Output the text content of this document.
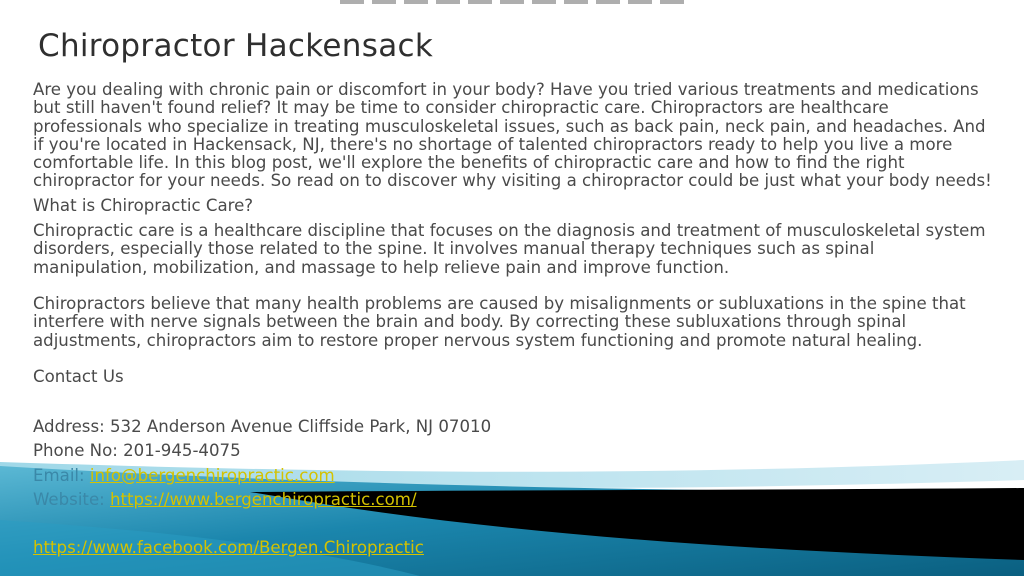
Chiropractor Hackensack

Are you dealing with chronic pain or discomfort in your body? Have you tried various treatments and medications but still haven't found relief? It may be time to consider chiropractic care. Chiropractors are healthcare professionals who specialize in treating musculoskeletal issues, such as back pain, neck pain, and headaches. And if you're located in Hackensack, NJ, there's no shortage of talented chiropractors ready to help you live a more comfortable life. In this blog post, we'll explore the benefits of chiropractic care and how to find the right chiropractor for your needs. So read on to discover why visiting a chiropractor could be just what your body needs!

What is Chiropractic Care?

Chiropractic care is a healthcare discipline that focuses on the diagnosis and treatment of musculoskeletal system disorders, especially those related to the spine. It involves manual therapy techniques such as spinal manipulation, mobilization, and massage to help relieve pain and improve function.

Chiropractors believe that many health problems are caused by misalignments or subluxations in the spine that interfere with nerve signals between the brain and body. By correcting these subluxations through spinal adjustments, chiropractors aim to restore proper nervous system functioning and promote natural healing.

Contact Us

Address: 532 Anderson Avenue Cliffside Park, NJ 07010
Phone No: 201-945-4075
Email: info@bergenchiropractic.com
Website: https://www.bergenchiropractic.com/
https://www.facebook.com/Bergen.Chiropractic
